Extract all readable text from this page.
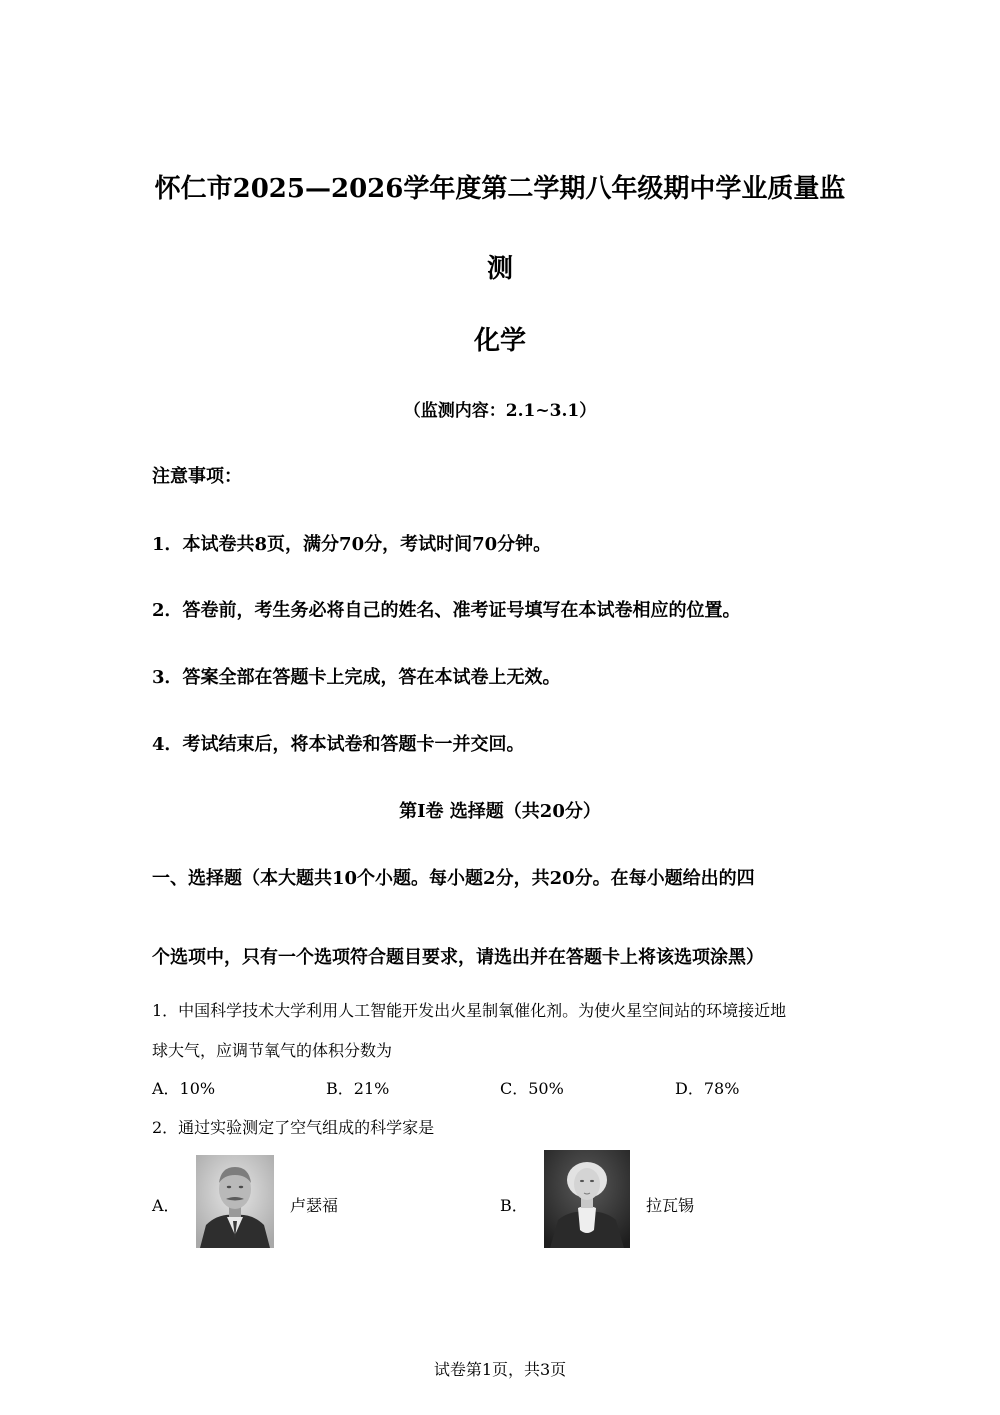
怀仁市2025—2026学年度第二学期八年级期中学业质量监
测
化学
（监测内容：2.1~3.1）
注意事项：
1．本试卷共8页，满分70分，考试时间70分钟。
2．答卷前，考生务必将自己的姓名、准考证号填写在本试卷相应的位置。
3．答案全部在答题卡上完成，答在本试卷上无效。
4．考试结束后，将本试卷和答题卡一并交回。
第Ⅰ卷 选择题（共20分）
一、选择题（本大题共10个小题。每小题2分，共20分。在每小题给出的四
个选项中，只有一个选项符合题目要求，请选出并在答题卡上将该选项涂黑）
1．中国科学技术大学利用人工智能开发出火星制氧催化剂。为使火星空间站的环境接近地
球大气，应调节氧气的体积分数为
A．10%	B．21%	C．50%	D．78%
2．通过实验测定了空气组成的科学家是
A．	卢瑟福	B．	拉瓦锡
试卷第1页，共3页
